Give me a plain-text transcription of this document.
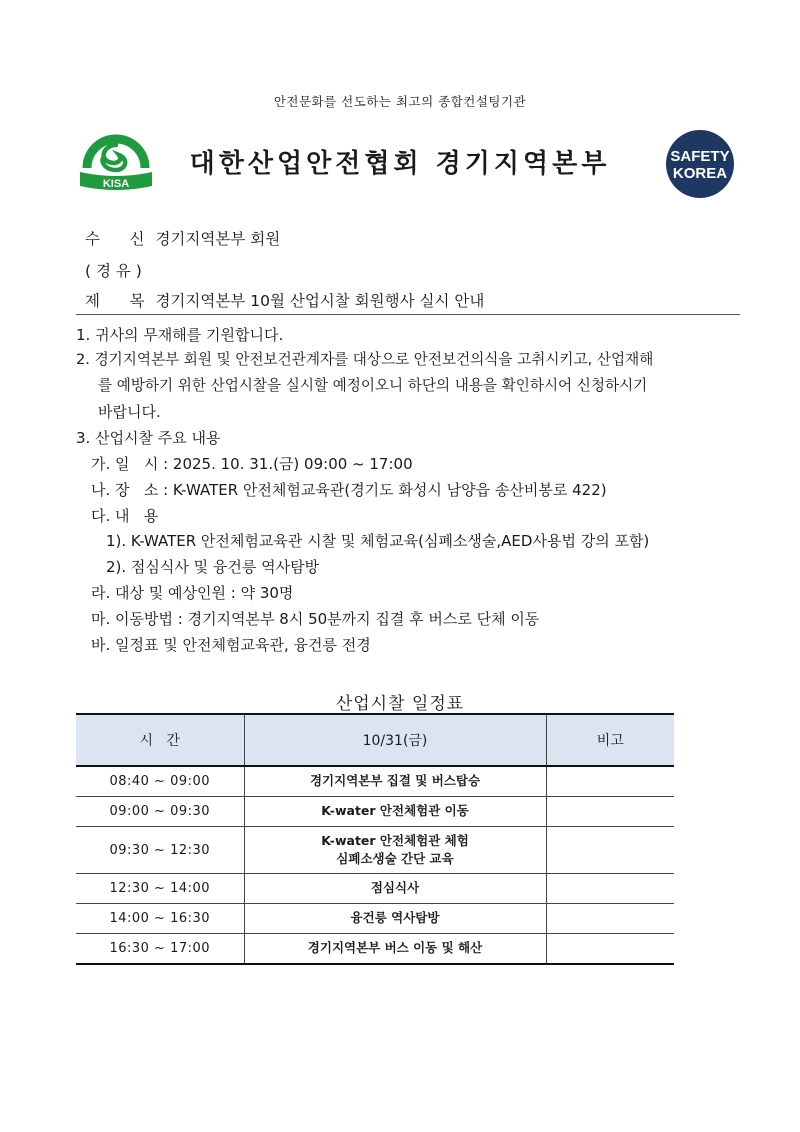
안전문화를 선도하는 최고의 종합컨설팅기관
KISA
대한산업안전협회 경기지역본부	SAFETY
KOREA
수      신 경기지역본부 회원
( 경 유 )
제      목 경기지역본부 10월 산업시찰 회원행사 실시 안내
1. 귀사의 무재해를 기원합니다.
2. 경기지역본부 회원 및 안전보건관계자를 대상으로 안전보건의식을 고취시키고, 산업재해
를 예방하기 위한 산업시찰을 실시할 예정이오니 하단의 내용을 확인하시어 신청하시기
바랍니다.
3. 산업시찰 주요 내용
가. 일   시 : 2025. 10. 31.(금) 09:00 ~ 17:00
나. 장   소 : K-WATER 안전체험교육관(경기도 화성시 남양읍 송산비봉로 422)
다. 내   용
1). K-WATER 안전체험교육관 시찰 및 체험교육(심폐소생술,AED사용법 강의 포함)
2). 점심식사 및 융건릉 역사탐방
라. 대상 및 예상인원 : 약 30명
마. 이동방법 : 경기지역본부 8시 50분까지 집결 후 버스로 단체 이동
바. 일정표 및 안전체험교육관, 융건릉 전경
산업시찰 일정표
시   간	10/31(금)	비고
08:40 ~ 09:00	경기지역본부 집결 및 버스탑승	
09:00 ~ 09:30	K-water 안전체험관 이동	
09:30 ~ 12:30	K-water 안전체험관 체험
심폐소생술 간단 교육	

12:30 ~ 14:00	점심식사	
14:00 ~ 16:30	융건릉 역사탐방	
16:30 ~ 17:00	경기지역본부 버스 이동 및 해산	
